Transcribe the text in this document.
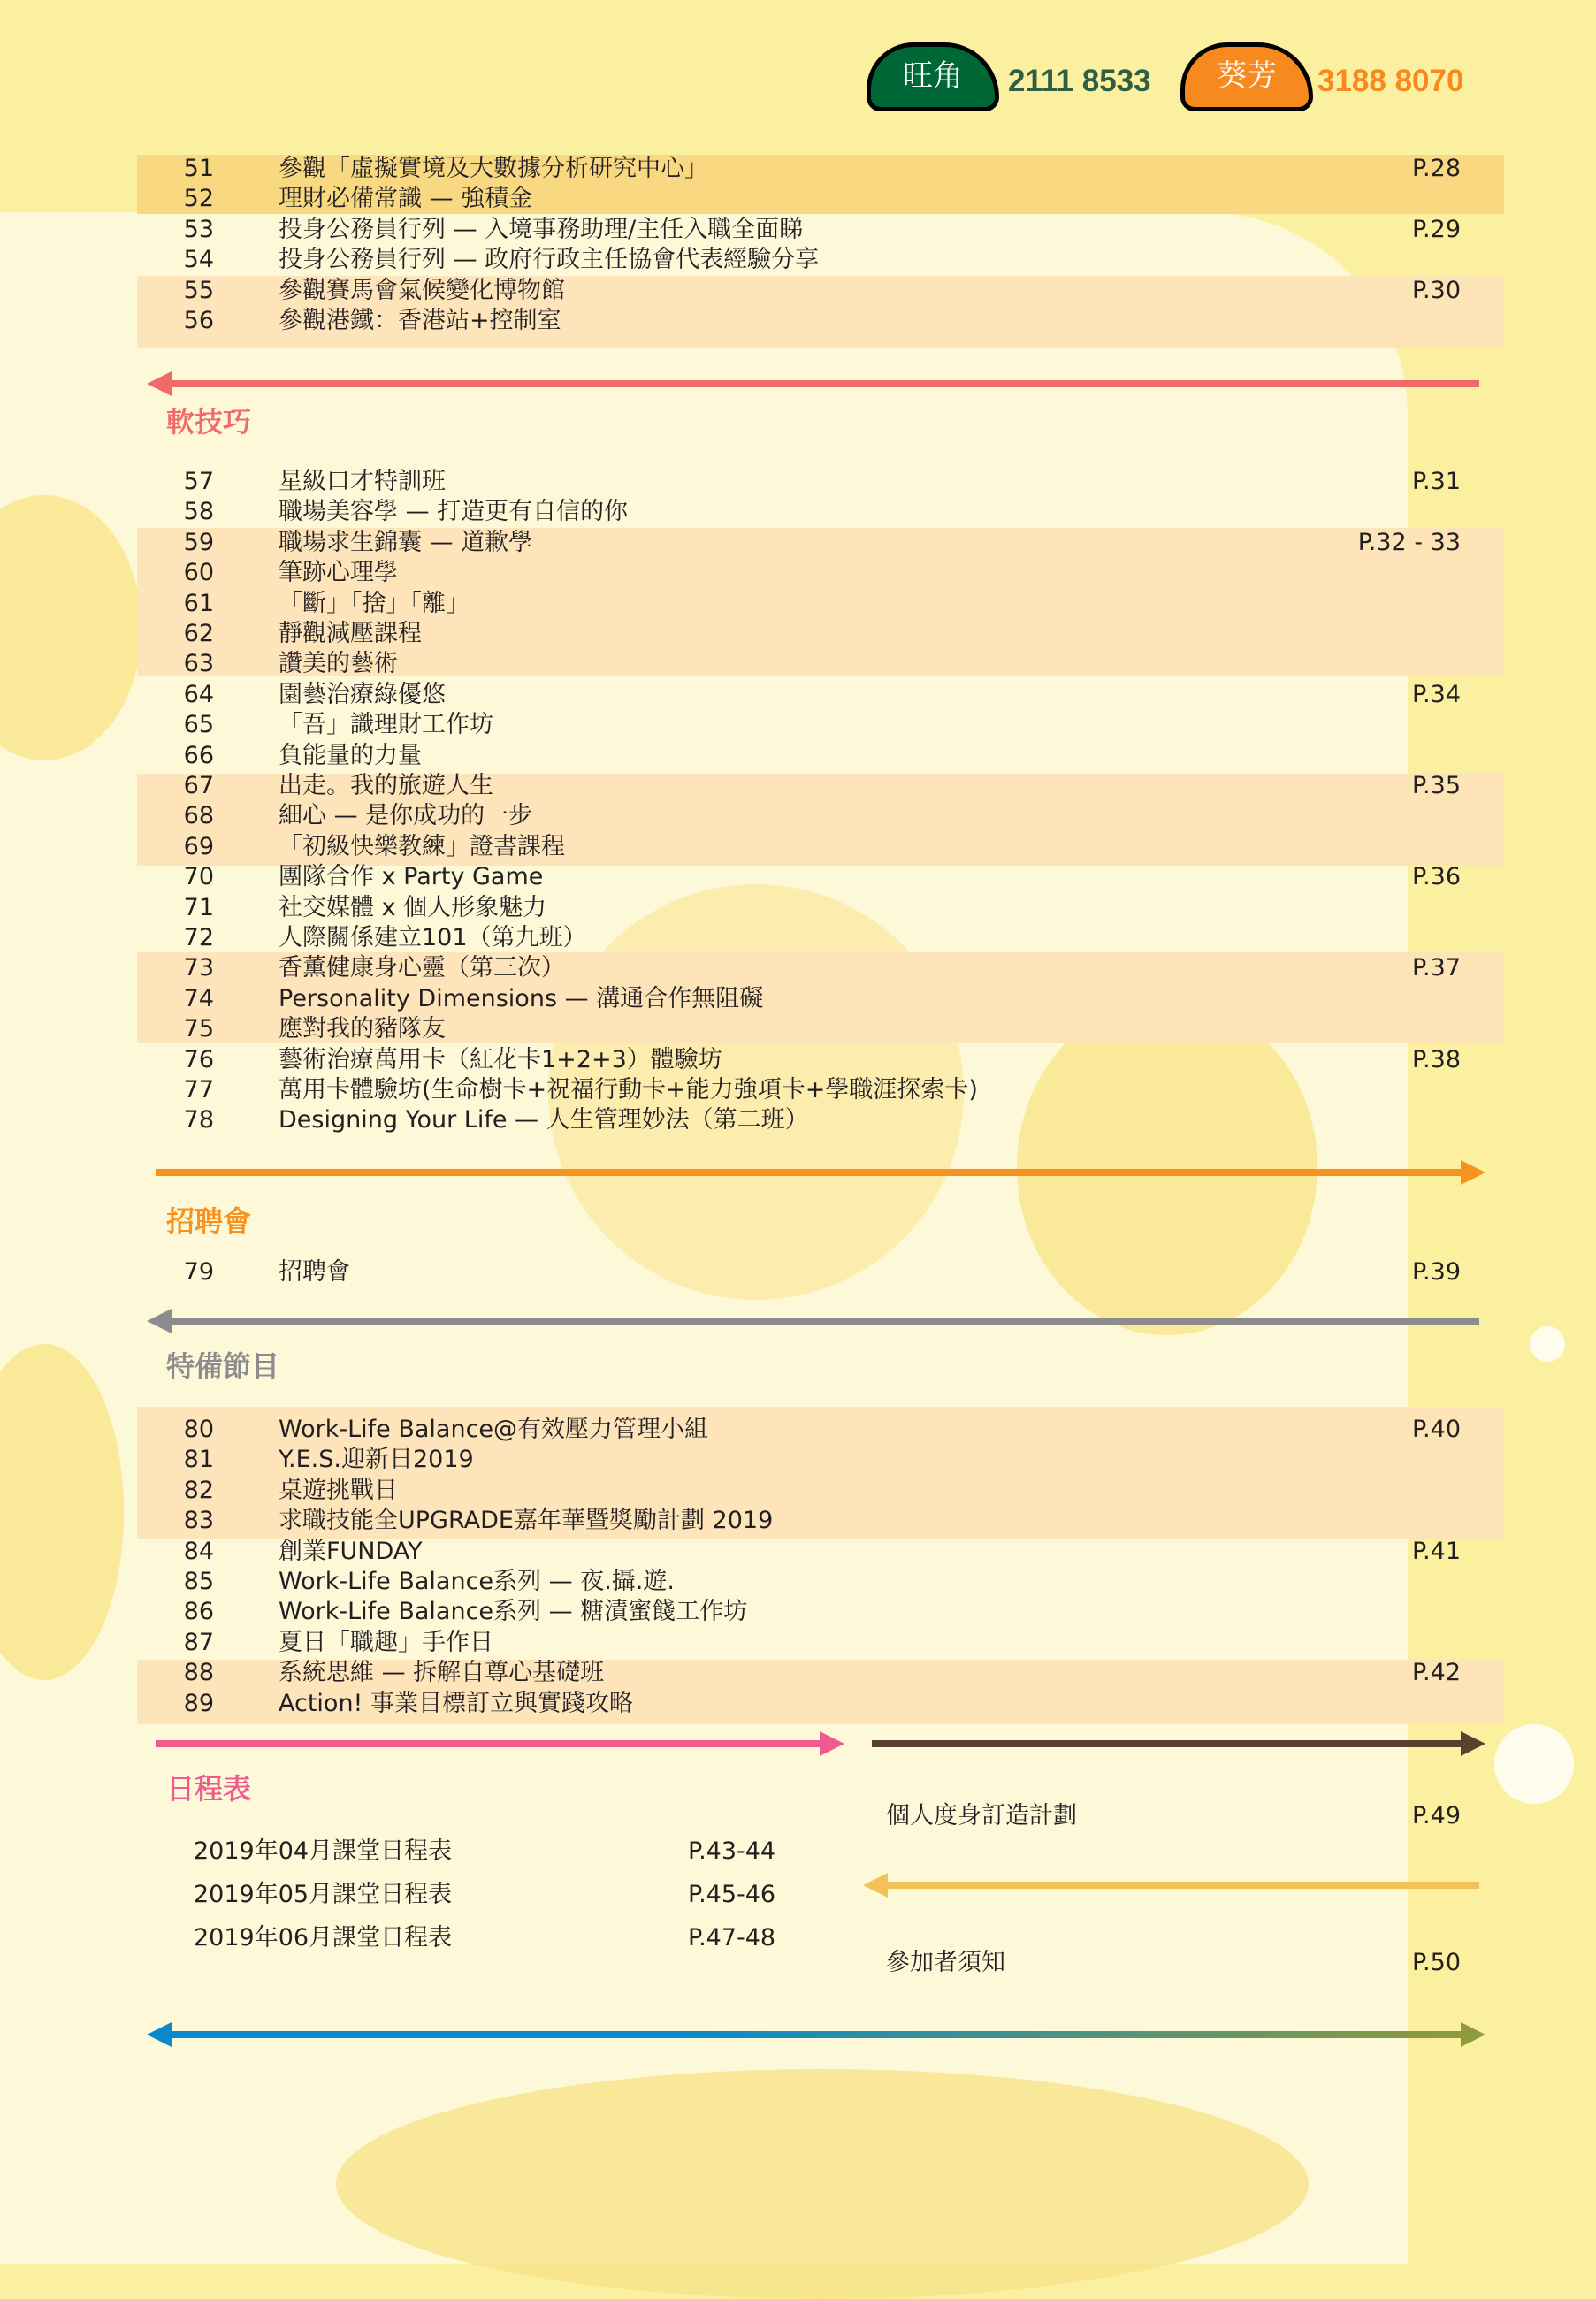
旺角	2111 8533	葵芳	3188 8070
軟技巧
招聘會
特備節目
日程表
51	參觀「虛擬實境及大數據分析研究中心」	P.28
52	理財必備常識 — 強積金
53	投身公務員行列 — 入境事務助理/主任入職全面睇	P.29
54	投身公務員行列 — 政府行政主任協會代表經驗分享
55	參觀賽馬會氣候變化博物館	P.30
56	參觀港鐵：香港站+控制室
57	星級口才特訓班	P.31
58	職場美容學 — 打造更有自信的你
59	職場求生錦囊 — 道歉學	P.32 - 33
60	筆跡心理學
61	「斷」「捨」「離」
62	靜觀減壓課程
63	讚美的藝術
64	園藝治療綠優悠	P.34
65	「吾」識理財工作坊
66	負能量的力量
67	出走。我的旅遊人生	P.35
68	細心 — 是你成功的一步
69	「初級快樂教練」證書課程
70	團隊合作 x Party Game	P.36
71	社交媒體 x 個人形象魅力
72	人際關係建立101（第九班）
73	香薰健康身心靈（第三次）	P.37
74	Personality Dimensions — 溝通合作無阻礙
75	應對我的豬隊友
76	藝術治療萬用卡（紅花卡1+2+3）體驗坊	P.38
77	萬用卡體驗坊(生命樹卡+祝福行動卡+能力強項卡+學職涯探索卡)
78	Designing Your Life — 人生管理妙法（第二班）
79	招聘會	P.39
80	Work-Life Balance@有效壓力管理小組	P.40
81	Y.E.S.迎新日2019
82	桌遊挑戰日
83	求職技能全UPGRADE嘉年華暨獎勵計劃 2019
84	創業FUNDAY	P.41
85	Work-Life Balance系列 — 夜.攝.遊.
86	Work-Life Balance系列 — 糖漬蜜餞工作坊
87	夏日「職趣」手作日
88	系統思維 — 拆解自尊心基礎班	P.42
89	Action! 事業目標訂立與實踐攻略
2019年04月課堂日程表	P.43-44
2019年05月課堂日程表	P.45-46
2019年06月課堂日程表	P.47-48
個人度身訂造計劃	P.49
參加者須知	P.50
